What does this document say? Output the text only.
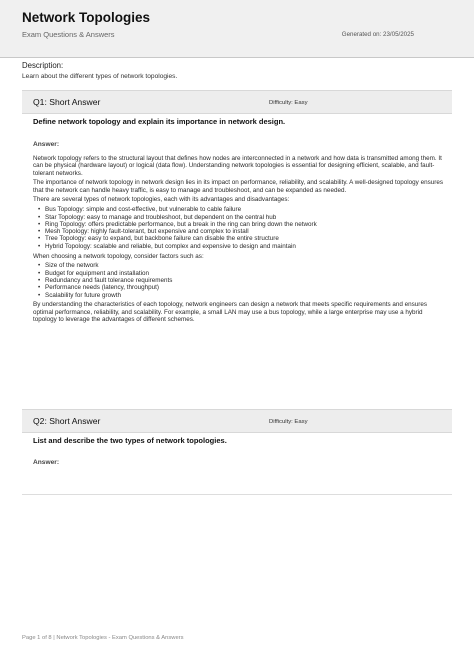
Network Topologies
Exam Questions & Answers	Generated on: 23/05/2025
Description:
Learn about the different types of network topologies.
Q1: Short Answer	Difficulty: Easy
Define network topology and explain its importance in network design.
Answer:

Network topology refers to the structural layout that defines how nodes are interconnected in a network and how data is transmitted among them. It can be physical (hardware layout) or logical (data flow). Understanding network topologies is essential for designing efficient, scalable, and fault-tolerant networks.

The importance of network topology in network design lies in its impact on performance, reliability, and scalability. A well-designed topology ensures that the network can handle heavy traffic, is easy to manage and troubleshoot, and can be expanded as needed.

There are several types of network topologies, each with its advantages and disadvantages:

• Bus Topology: simple and cost-effective, but vulnerable to cable failure
• Star Topology: easy to manage and troubleshoot, but dependent on the central hub
• Ring Topology: offers predictable performance, but a break in the ring can bring down the network
• Mesh Topology: highly fault-tolerant, but expensive and complex to install
• Tree Topology: easy to expand, but backbone failure can disable the entire structure
• Hybrid Topology: scalable and reliable, but complex and expensive to design and maintain

When choosing a network topology, consider factors such as:

• Size of the network
• Budget for equipment and installation
• Redundancy and fault tolerance requirements
• Performance needs (latency, throughput)
• Scalability for future growth

By understanding the characteristics of each topology, network engineers can design a network that meets specific requirements and ensures optimal performance, reliability, and scalability. For example, a small LAN may use a bus topology, while a large enterprise may use a hybrid topology to leverage the advantages of different schemes.

Q2: Short Answer	Difficulty: Easy
List and describe the two types of network topologies.
Answer:
Page 1 of 8 | Network Topologies - Exam Questions & Answers
